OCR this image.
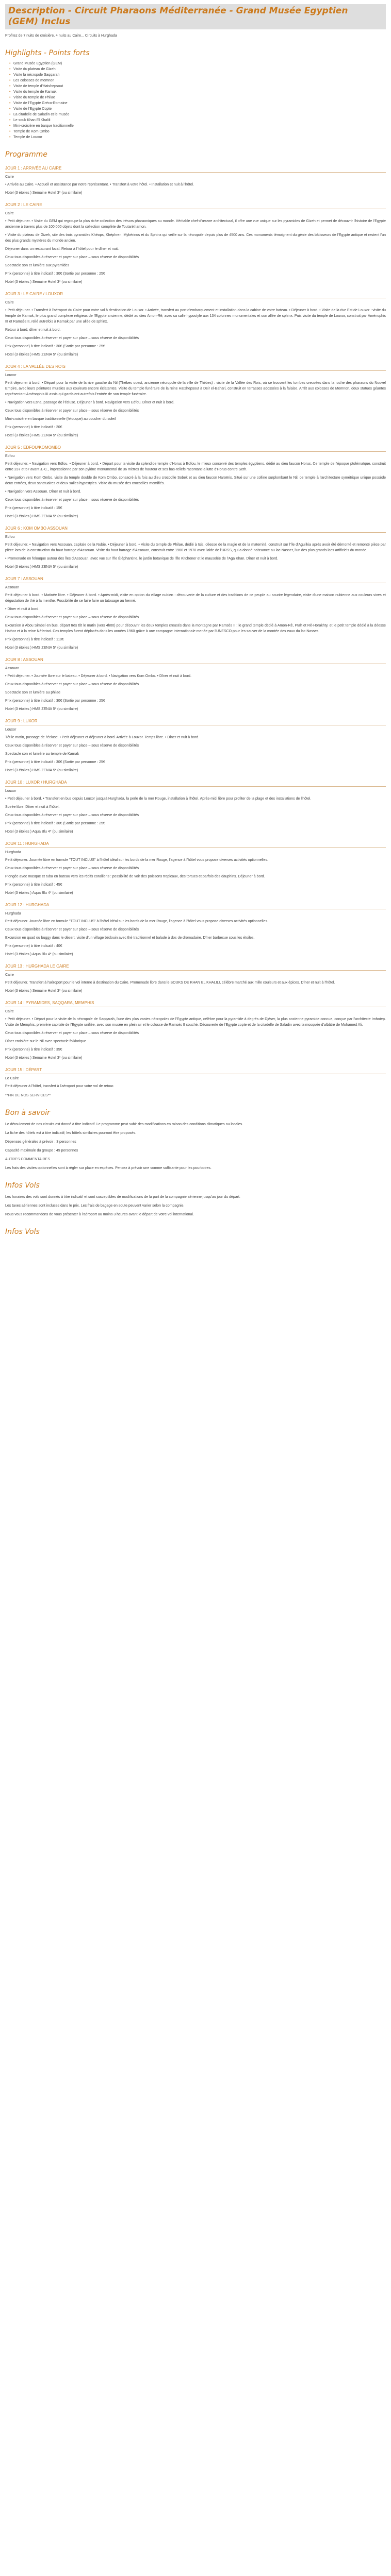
Description - Circuit Pharaons Méditerranée - Grand Musée Egyptien
(GEM) Inclus

Profitez de 7 nuits de croisière, 4 nuits au Caire... Circuits à Hurghada

Highlights - Points forts
• Grand Musée Egyptien (GEM)
• Visite du plateau de Gizeh
• Visite la nécropole Saqqarah
• Les colosses de memnon
• Visite de temple d'Hatshepsout
• Visite du temple de Karnak
• Visite du temple de Philae
• Visite de l'Egypte Gréco-Romaine
• Visite de l'Egypte Copte
• La citadelle de Saladin et le musée
• Le souk Khan El Khalili
• Mini-croisière en barque traditionnelle
• Temple de Kom Ombo
• Temple de Louxor
Programme
JOUR 1 : ARRIVÉE AU CAIRE
Caire

• Arrivée au Caire. • Accueil et assistance par notre représentant. • Transfert à votre hôtel. • Installation et nuit à l'hôtel.

Hotel (3 étoiles ) Semaine Hotel 3* (ou similaire)

JOUR 2 : LE CAIRE
Caire

• Petit déjeuner. • Visite du GEM qui regroupe la plus riche collection des trésors pharaoniques au monde. Véritable chef-d'œuvre architectural, il offre une vue unique sur les pyramides de Gizeh et permet de découvrir l'histoire de l'Egypte ancienne à travers plus de 100 000 objets dont la collection complète de Toutankhamon.

• Visite du plateau de Gizeh, site des trois pyramides Khéops, Khéphren, Mykérinos et du Sphinx qui veille sur la nécropole depuis plus de 4500 ans. Ces monuments témoignent du génie des bâtisseurs de l'Egypte antique et restent l'un des plus grands mystères du monde ancien.

Déjeuner dans un restaurant local. Retour à l'hôtel pour le dîner et nuit.

Ceux tous disponibles à réserver et payer sur place – sous réserve de disponibilités

Spectacle son et lumière aux pyramides

Prix (personne) à titre indicatif : 30€ (Sortie par personne : 25€

Hotel (3 étoiles ) Semaine Hotel 3* (ou similaire)

JOUR 3 : LE CAIRE / LOUXOR
Caire

• Petit déjeuner. • Transfert à l'aéroport du Caire pour votre vol à destination de Louxor. • Arrivée, transfert au port d'embarquement et installation dans la cabine de votre bateau. • Déjeuner à bord. • Visite de la rive Est de Louxor : visite du temple de Karnak, le plus grand complexe religieux de l'Egypte ancienne, dédié au dieu Amon-Rê, avec sa salle hypostyle aux 134 colonnes monumentales et son allée de sphinx. Puis visite du temple de Louxor, construit par Aménophis III et Ramsès II, relié autrefois à Karnak par une allée de sphinx.

Retour à bord, dîner et nuit à bord.

Ceux tous disponibles à réserver et payer sur place – sous réserve de disponibilités

Prix (personne) à titre indicatif : 30€ (Sortie par personne : 25€

Hotel (3 étoiles ) HMS ZENIA 5* (ou similaire)

JOUR 4 : LA VALLÉE DES ROIS
Louxor

Petit déjeuner à bord. • Départ pour la visite de la rive gauche du Nil (Thèbes ouest, ancienne nécropole de la ville de Thèbes) : visite de la Vallée des Rois, où se trouvent les tombes creusées dans la roche des pharaons du Nouvel Empire, avec leurs peintures murales aux couleurs encore éclatantes. Visite du temple funéraire de la reine Hatshepsout à Deir el-Bahari, construit en terrasses adossées à la falaise. Arrêt aux colosses de Memnon, deux statues géantes représentant Aménophis III assis qui gardaient autrefois l'entrée de son temple funéraire.

• Navigation vers Esna, passage de l'écluse. Déjeuner à bord. Navigation vers Edfou. Dîner et nuit à bord.

Ceux tous disponibles à réserver et payer sur place – sous réserve de disponibilités

Mini-croisière en barque traditionnelle (felouque) au coucher du soleil

Prix (personne) à titre indicatif : 20€

Hotel (3 étoiles ) HMS ZENIA 5* (ou similaire)

JOUR 5 : EDFOU/KOMOMBO
Edfou

Petit déjeuner. • Navigation vers Edfou. • Déjeuner à bord. • Départ pour la visite du splendide temple d'Horus à Edfou, le mieux conservé des temples égyptiens, dédié au dieu faucon Horus. Ce temple de l'époque ptolémaïque, construit entre 237 et 57 avant J.-C., impressionne par son pylône monumental de 36 mètres de hauteur et ses bas-reliefs racontant la lutte d'Horus contre Seth.

• Navigation vers Kom Ombo, visite du temple double de Kom Ombo, consacré à la fois au dieu crocodile Sobek et au dieu faucon Haroëris. Situé sur une colline surplombant le Nil, ce temple à l'architecture symétrique unique possède deux entrées, deux sanctuaires et deux salles hypostyles. Visite du musée des crocodiles momifiés.

• Navigation vers Assouan. Dîner et nuit à bord.

Ceux tous disponibles à réserver et payer sur place – sous réserve de disponibilités

Prix (personne) à titre indicatif : 15€

Hotel (3 étoiles ) HMS ZENIA 5* (ou similaire)

JOUR 6 : KOM OMBO ASSOUAN
Edfou

Petit déjeuner. • Navigation vers Assouan, capitale de la Nubie. • Déjeuner à bord. • Visite du temple de Philae, dédié à Isis, déesse de la magie et de la maternité, construit sur l'île d'Aguilkia après avoir été démonté et remonté pièce par pièce lors de la construction du haut barrage d'Assouan. Visite du haut barrage d'Assouan, construit entre 1960 et 1970 avec l'aide de l'URSS, qui a donné naissance au lac Nasser, l'un des plus grands lacs artificiels du monde.

• Promenade en felouque autour des îles d'Assouan, avec vue sur l'île Éléphantine, le jardin botanique de l'île Kitchener et le mausolée de l'Aga Khan. Dîner et nuit à bord.

Hotel (3 étoiles ) HMS ZENIA 5* (ou similaire)

JOUR 7 : ASSOUAN
Assouan

Petit déjeuner à bord. • Matinée libre. • Déjeuner à bord. • Après-midi, visite en option du village nubien : découverte de la culture et des traditions de ce peuple au sourire légendaire, visite d'une maison nubienne aux couleurs vives et dégustation de thé à la menthe. Possibilité de se faire faire un tatouage au henné.

• Dîner et nuit à bord.

Ceux tous disponibles à réserver et payer sur place – sous réserve de disponibilités

Excursion à Abou Simbel en bus, départ très tôt le matin (vers 4h00) pour découvrir les deux temples creusés dans la montagne par Ramsès II : le grand temple dédié à Amon-Rê, Ptah et Rê-Horakhty, et le petit temple dédié à la déesse Hathor et à la reine Néfertari. Ces temples furent déplacés dans les années 1960 grâce à une campagne internationale menée par l'UNESCO pour les sauver de la montée des eaux du lac Nasser.

Prix (personne) à titre indicatif : 110€

Hotel (3 étoiles ) HMS ZENIA 5* (ou similaire)

JOUR 8 : ASSOUAN
Assouan

• Petit déjeuner. • Journée libre sur le bateau. • Déjeuner à bord. • Navigation vers Kom Ombo. • Dîner et nuit à bord.

Ceux tous disponibles à réserver et payer sur place – sous réserve de disponibilités

Spectacle son et lumière au philae

Prix (personne) à titre indicatif : 30€ (Sortie par personne : 25€

Hotel (3 étoiles ) HMS ZENIA 5* (ou similaire)

JOUR 9 : LUXOR
Louxor

Tôt le matin, passage de l'écluse. • Petit déjeuner et déjeuner à bord. Arrivée à Louxor. Temps libre. • Dîner et nuit à bord.

Ceux tous disponibles à réserver et payer sur place – sous réserve de disponibilités

Spectacle son et lumière au temple de Karnak

Prix (personne) à titre indicatif : 30€ (Sortie par personne : 25€

Hotel (3 étoiles ) HMS ZENIA 5* (ou similaire)

JOUR 10 : LUXOR / HURGHADA
Louxor

• Petit déjeuner à bord. • Transfert en bus depuis Louxor jusqu'à Hurghada, la perle de la mer Rouge, installation à l'hôtel. Après-midi libre pour profiter de la plage et des installations de l'hôtel.

Soirée libre. Dîner et nuit à l'hôtel.

Ceux tous disponibles à réserver et payer sur place – sous réserve de disponibilités

Prix (personne) à titre indicatif : 30€ (Sortie par personne : 25€

Hotel (3 étoiles ) Aqua Blu 4* (ou similaire)

JOUR 11 : HURGHADA
Hurghada

Petit déjeuner. Journée libre en formule "TOUT INCLUS" à l'hôtel idéal sur les bords de la mer Rouge, l'agence à l'hôtel vous propose diverses activités optionnelles.

Ceux tous disponibles à réserver et payer sur place – sous réserve de disponibilités

Plongée avec masque et tuba en bateau vers les récifs coralliens : possibilité de voir des poissons tropicaux, des tortues et parfois des dauphins. Déjeuner à bord.

Prix (personne) à titre indicatif : 45€

Hotel (3 étoiles ) Aqua Blu 4* (ou similaire)

JOUR 12 : HURGHADA
Hurghada

Petit déjeuner. Journée libre en formule "TOUT INCLUS" à l'hôtel idéal sur les bords de la mer Rouge, l'agence à l'hôtel vous propose diverses activités optionnelles.

Ceux tous disponibles à réserver et payer sur place – sous réserve de disponibilités

Excursion en quad ou buggy dans le désert, visite d'un village bédouin avec thé traditionnel et balade à dos de dromadaire. Dîner barbecue sous les étoiles.

Prix (personne) à titre indicatif : 40€

Hotel (3 étoiles ) Aqua Blu 4* (ou similaire)

JOUR 13 : HURGHADA LE CAIRE
Caire

Petit déjeuner. Transfert à l'aéroport pour le vol interne à destination du Caire. Promenade libre dans le SOUKS DE KHAN EL KHALILI, célèbre marché aux mille couleurs et aux épices. Dîner et nuit à l'hôtel.

Hotel (3 étoiles ) Semaine Hotel 3* (ou similaire)

JOUR 14 : PYRAMIDES, SAQQARA, MEMPHIS
Caire

• Petit déjeuner. • Départ pour la visite de la nécropole de Saqqarah, l'une des plus vastes nécropoles de l'Egypte antique, célèbre pour la pyramide à degrés de Djéser, la plus ancienne pyramide connue, conçue par l'architecte Imhotep. Visite de Memphis, première capitale de l'Egypte unifiée, avec son musée en plein air et le colosse de Ramsès II couché. Découverte de l'Egypte copte et de la citadelle de Saladin avec la mosquée d'albâtre de Mohamed Ali.

Ceux tous disponibles à réserver et payer sur place – sous réserve de disponibilités

Dîner croisière sur le Nil avec spectacle folklorique

Prix (personne) à titre indicatif : 35€

Hotel (3 étoiles ) Semaine Hotel 3* (ou similaire)

JOUR 15 : DÉPART
Le Caire

Petit déjeuner à l'hôtel, transfert à l'aéroport pour votre vol de retour.

**FIN DE NOS SERVICES**

Bon à savoir

Le déroulement de nos circuits est donné à titre indicatif. Le programme peut subir des modifications en raison des conditions climatiques ou locales.

La fiche des hôtels est à titre indicatif; les hôtels similaires pourront être proposés.

Dépenses générales à prévoir : 3 personnes

Capacité maximale du groupe : 49 personnes

AUTRES COMMENTAIRES

Les frais des visites optionnelles sont à régler sur place en espèces. Pensez à prévoir une somme suffisante pour les pourboires.

Infos Vols

Les horaires des vols sont donnés à titre indicatif et sont susceptibles de modifications de la part de la compagnie aérienne jusqu'au jour du départ.

Les taxes aériennes sont incluses dans le prix. Les frais de bagage en soute peuvent varier selon la compagnie.

Nous vous recommandons de vous présenter à l'aéroport au moins 3 heures avant le départ de votre vol international.

Infos Vols
